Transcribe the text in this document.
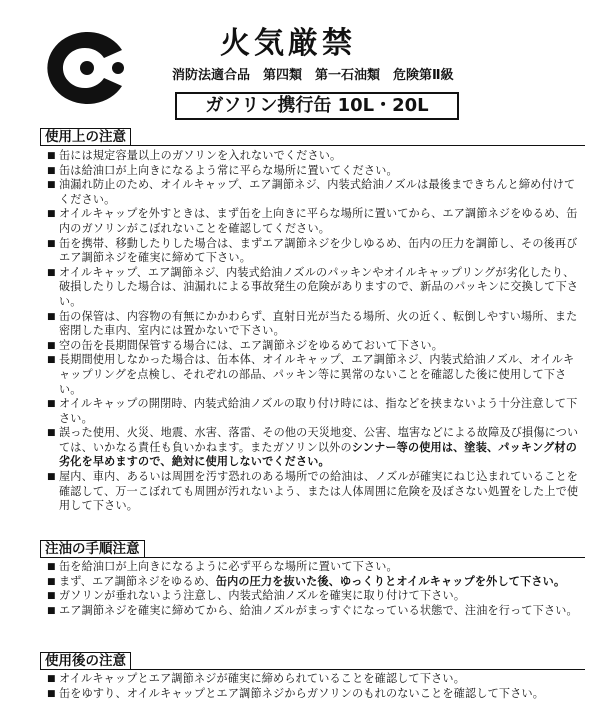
火気厳禁
消防法適合品　第四類　第一石油類　危険第Ⅱ級
ガソリン携行缶 10L・20L
使用上の注意
■ 缶には規定容量以上のガソリンを入れないでください。
■ 缶は給油口が上向きになるよう常に平らな場所に置いてください。
■ 油漏れ防止のため、オイルキャップ、エア調節ネジ、内装式給油ノズルは最後まできちんと締め付けてください。
■ オイルキャップを外すときは、まず缶を上向きに平らな場所に置いてから、エア調節ネジをゆるめ、缶内のガソリンがこぼれないことを確認してください。
■ 缶を携帯、移動したりした場合は、まずエア調節ネジを少しゆるめ、缶内の圧力を調節し、その後再びエア調節ネジを確実に締めて下さい。
■ オイルキャップ、エア調節ネジ、内装式給油ノズルのパッキンやオイルキャップリングが劣化したり、破損したりした場合は、油漏れによる事故発生の危険がありますので、新品のパッキンに交換して下さい。
■ 缶の保管は、内容物の有無にかかわらず、直射日光が当たる場所、火の近く、転倒しやすい場所、また密閉した車内、室内には置かないで下さい。
■ 空の缶を長期間保管する場合には、エア調節ネジをゆるめておいて下さい。
■ 長期間使用しなかった場合は、缶本体、オイルキャップ、エア調節ネジ、内装式給油ノズル、オイルキャップリングを点検し、それぞれの部品、パッキン等に異常のないことを確認した後に使用して下さい。
■ オイルキャップの開閉時、内装式給油ノズルの取り付け時には、指などを挟まないよう十分注意して下さい。
■ 誤った使用、火災、地震、水害、落雷、その他の天災地変、公害、塩害などによる故障及び損傷については、いかなる責任も負いかねます。またガソリン以外のシンナー等の使用は、塗装、パッキング材の劣化を早めますので、絶対に使用しないでください。
■ 屋内、車内、あるいは周囲を汚す恐れのある場所での給油は、ノズルが確実にねじ込まれていることを確認して、万一こぼれても周囲が汚れないよう、または人体周囲に危険を及ぼさない処置をした上で使用して下さい。
注油の手順注意
■ 缶を給油口が上向きになるように必ず平らな場所に置いて下さい。
■ まず、エア調節ネジをゆるめ、缶内の圧力を抜いた後、ゆっくりとオイルキャップを外して下さい。
■ ガソリンが垂れないよう注意し、内装式給油ノズルを確実に取り付けて下さい。
■ エア調節ネジを確実に締めてから、給油ノズルがまっすぐになっている状態で、注油を行って下さい。
使用後の注意
■ オイルキャップとエア調節ネジが確実に締められていることを確認して下さい。
■ 缶をゆすり、オイルキャップとエア調節ネジからガソリンのもれのないことを確認して下さい。
